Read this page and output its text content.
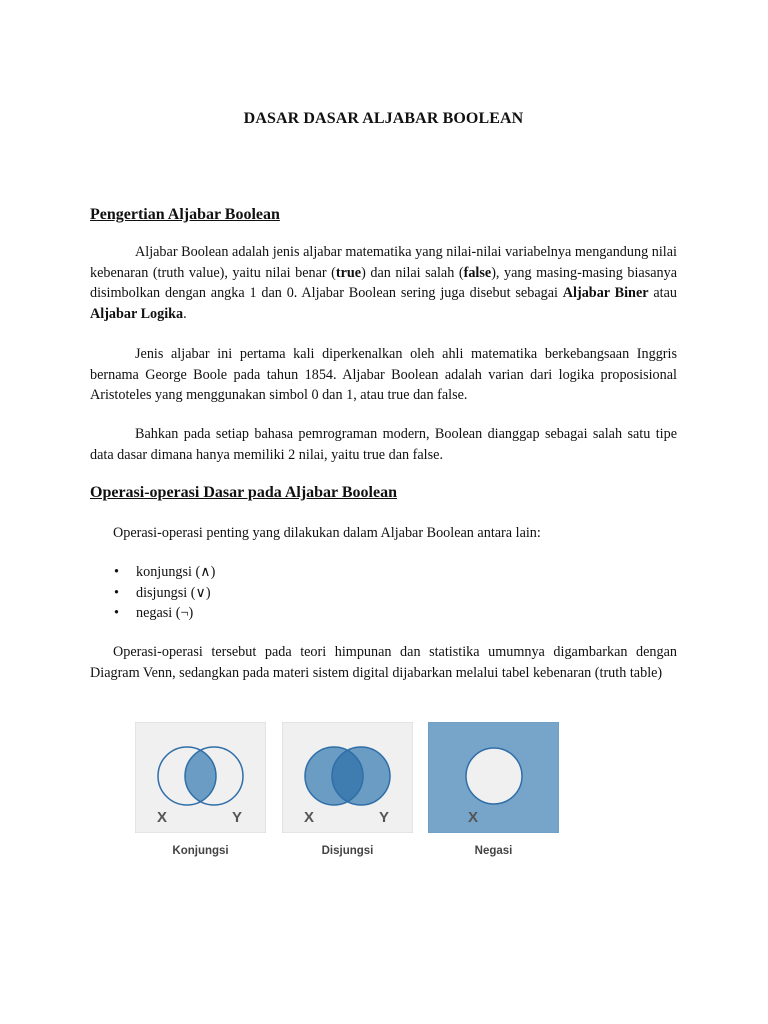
DASAR DASAR ALJABAR BOOLEAN
Pengertian Aljabar Boolean
Aljabar Boolean adalah jenis aljabar matematika yang nilai-nilai variabelnya mengandung nilai kebenaran (truth value), yaitu nilai benar (true) dan nilai salah (false), yang masing-masing biasanya disimbolkan dengan angka 1 dan 0. Aljabar Boolean sering juga disebut sebagai Aljabar Biner atau Aljabar Logika.
Jenis aljabar ini pertama kali diperkenalkan oleh ahli matematika berkebangsaan Inggris bernama George Boole pada tahun 1854. Aljabar Boolean adalah varian dari logika proposisional Aristoteles yang menggunakan simbol 0 dan 1, atau true dan false.
Bahkan pada setiap bahasa pemrograman modern, Boolean dianggap sebagai salah satu tipe data dasar dimana hanya memiliki 2 nilai, yaitu true dan false.
Operasi-operasi Dasar pada Aljabar Boolean
Operasi-operasi penting yang dilakukan dalam Aljabar Boolean antara lain:
• konjungsi (∧)
• disjungsi (∨)
• negasi (¬)
Operasi-operasi tersebut pada teori himpunan dan statistika umumnya digambarkan dengan Diagram Venn, sedangkan pada materi sistem digital dijabarkan melalui tabel kebenaran (truth table)
X	Y
Konjungsi
X	Y
Disjungsi
X
Negasi
